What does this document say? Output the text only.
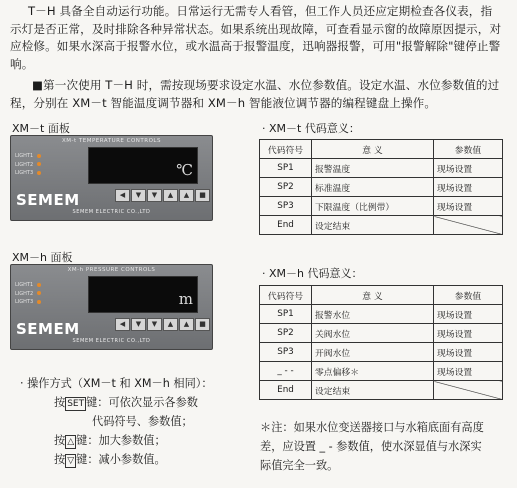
T－H 具备全自动运行功能。日常运行无需专人看管，但工作人员还应定期检查各仪表，指
示灯是否正常，及时排除各种异常状态。如果系统出现故障，可查看显示窗的故障原因提示，对
应检修。如果水深高于报警水位，或水温高于报警温度，迅响器报警，可用"报警解除"键停止警
响。
■第一次使用 T－H 时，需按现场要求设定水温、水位参数值。设定水温、水位参数值的过
程，分别在 XM－t 智能温度调节器和 XM－h 智能液位调节器的编程键盘上操作。
XM－t 面板
XM-t TEMPERATURE CONTROLS
LIGHT1
LIGHT2
LIGHT3	℃
SEMEM	◀ ▼ ▼ ▲ ▲ ■
SEMEM ELECTRIC CO.,LTD
XM－h 面板
XM-h PRESSURE CONTROLS
LIGHT1
LIGHT2
LIGHT3	m
SEMEM	◀ ▼ ▼ ▲ ▲ ■
SEMEM ELECTRIC CO.,LTD
· 操作方式（XM－t 和 XM－h 相同）：
按 SET 键：可依次显示各参数
代码符号、参数值；
按 △ 键：加大参数值；
按 ▽ 键：减小参数值。
· XM－t 代码意义：
代码符号	意 义	参数值
SP1	报警温度	现场设置
SP2	标准温度	现场设置
SP3	下限温度（比例带）	现场设置
End	设定结束	
· XM－h 代码意义：
代码符号	意 义	参数值
SP1	报警水位	现场设置
SP2	关阀水位	现场设置
SP3	开阀水位	现场设置
_ - -	零点偏移＊	现场设置
End	设定结束	
＊注：如果水位变送器接口与水箱底面有高度
差，应设置 _ - 参数值，使水深显值与水深实
际值完全一致。
